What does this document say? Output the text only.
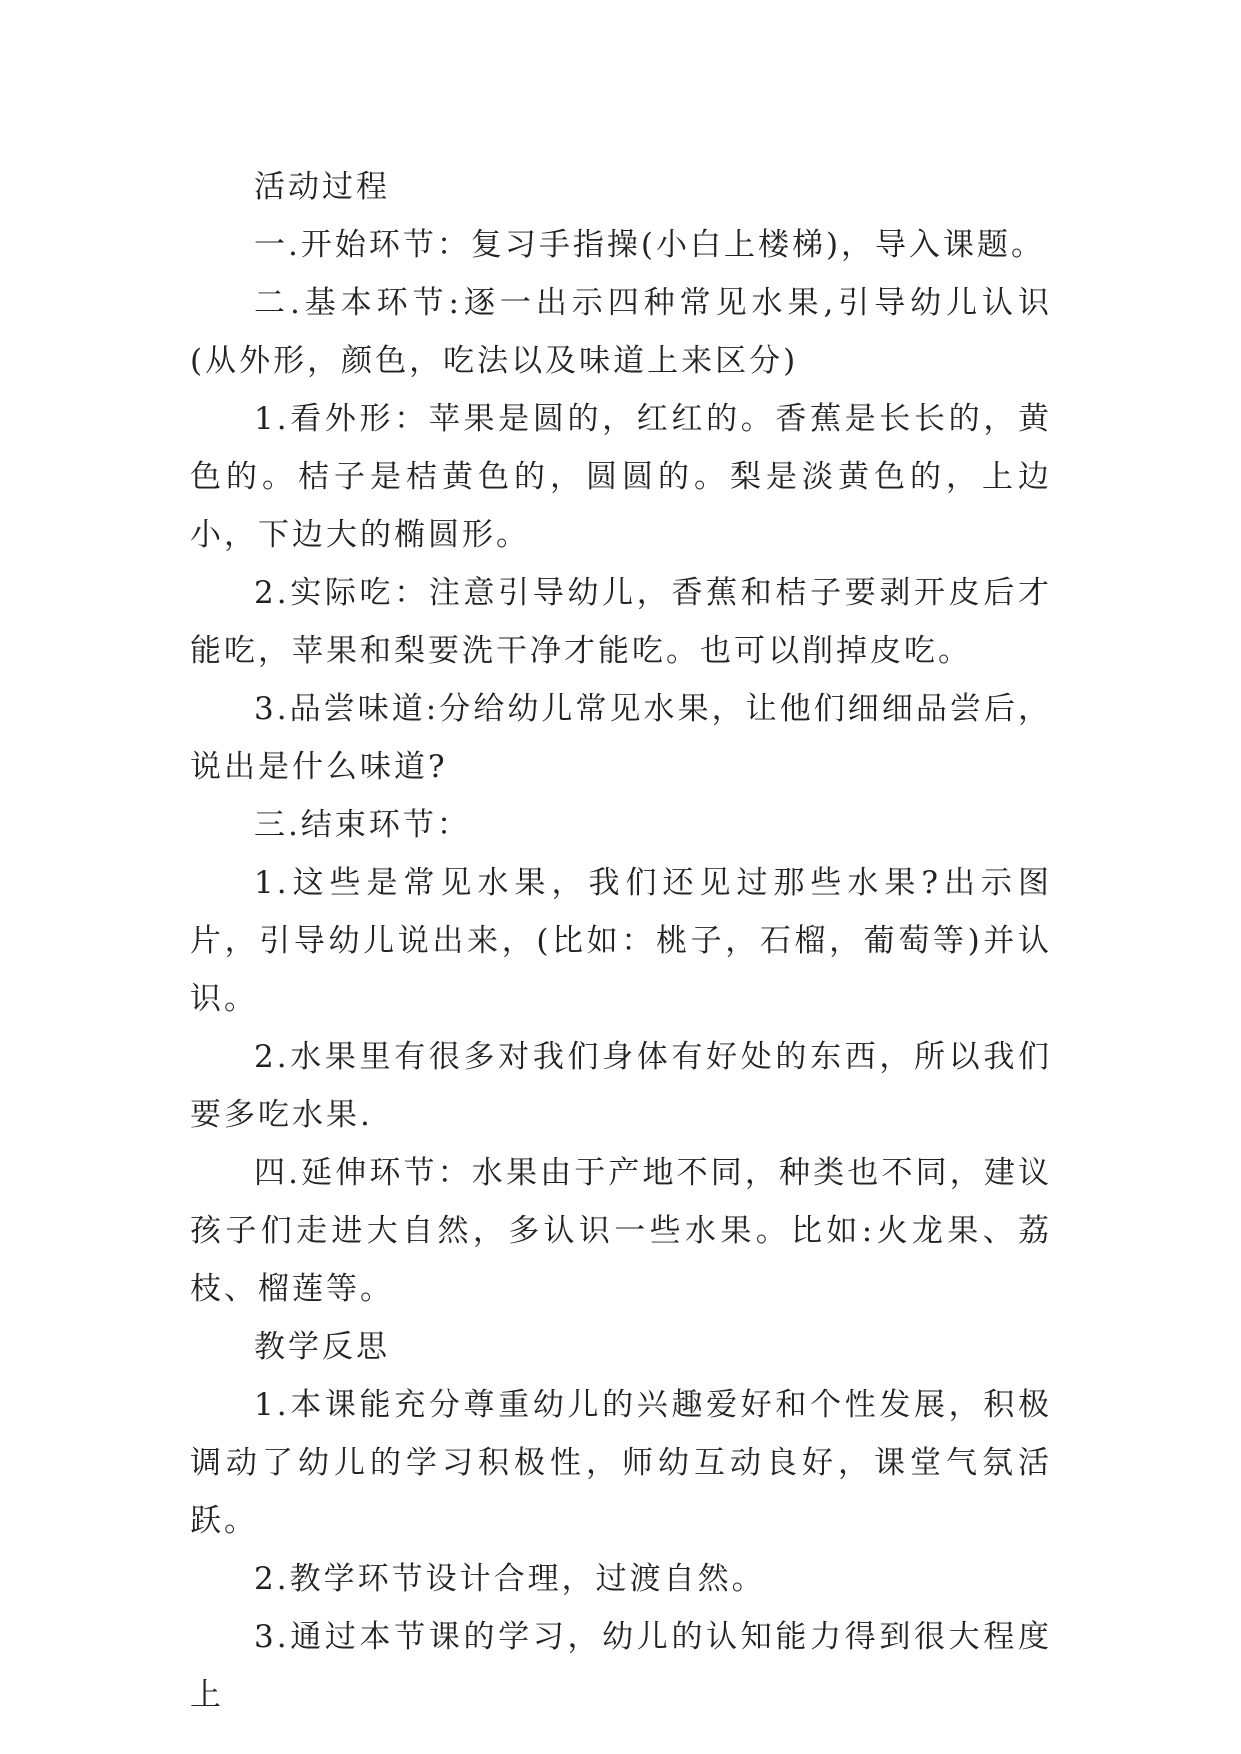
活动过程

一.开始环节：复习手指操(小白上楼梯)，导入课题。

二.基本环节:逐一出示四种常见水果,引导幼儿认识(从外形，颜色，吃法以及味道上来区分)

1.看外形：苹果是圆的，红红的。香蕉是长长的，黄色的。桔子是桔黄色的，圆圆的。梨是淡黄色的，上边小，下边大的椭圆形。

2.实际吃：注意引导幼儿，香蕉和桔子要剥开皮后才能吃，苹果和梨要洗干净才能吃。也可以削掉皮吃。

3.品尝味道:分给幼儿常见水果，让他们细细品尝后，说出是什么味道?

三.结束环节：

1.这些是常见水果，我们还见过那些水果?出示图片，引导幼儿说出来，(比如：桃子，石榴，葡萄等)并认识。

2.水果里有很多对我们身体有好处的东西，所以我们要多吃水果.

四.延伸环节：水果由于产地不同，种类也不同，建议孩子们走进大自然，多认识一些水果。比如:火龙果、荔枝、榴莲等。

教学反思

1.本课能充分尊重幼儿的兴趣爱好和个性发展，积极调动了幼儿的学习积极性，师幼互动良好，课堂气氛活跃。

2.教学环节设计合理，过渡自然。

3.通过本节课的学习，幼儿的认知能力得到很大程度上
